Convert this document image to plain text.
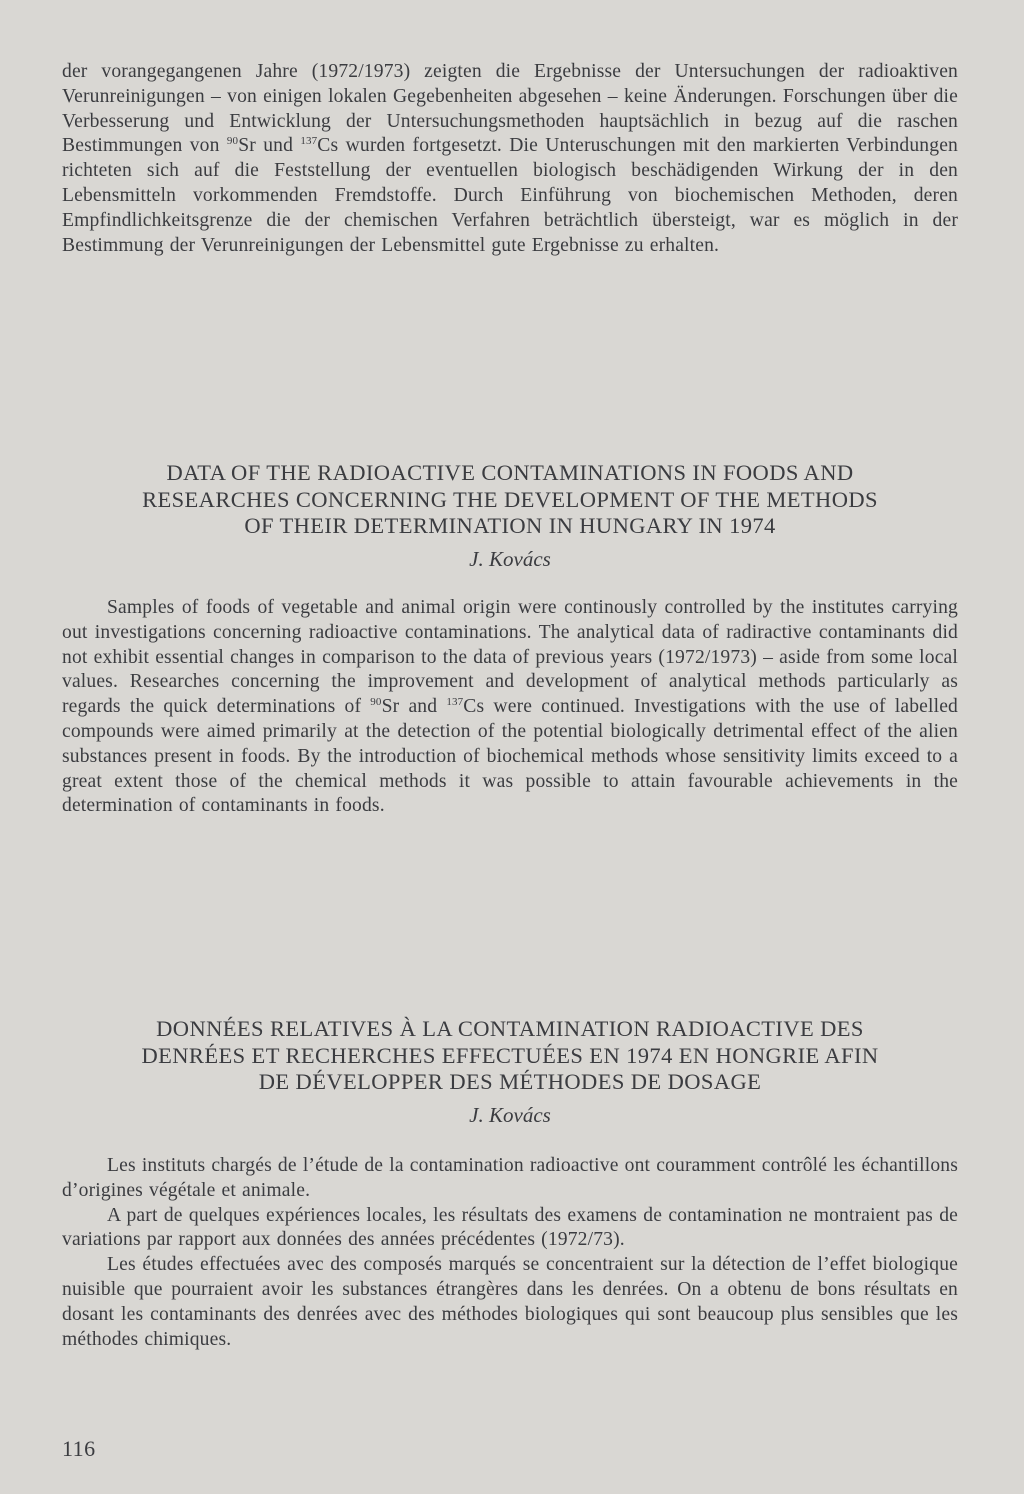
der vorangegangenen Jahre (1972/1973) zeigten die Ergebnisse der Untersuchungen der radioaktiven Verunreinigungen – von einigen lokalen Gegebenheiten abgesehen – keine Änderungen. Forschungen über die Verbesserung und Entwicklung der Untersuchungsmethoden hauptsächlich in bezug auf die raschen Bestimmungen von $^{90}$Sr und $^{137}$Cs wurden fortgesetzt. Die Unteruschungen mit den markierten Verbindungen richteten sich auf die Feststellung der eventuellen biologisch beschädigenden Wirkung der in den Lebensmitteln vorkommenden Fremdstoffe. Durch Einführung von biochemischen Methoden, deren Empfindlichkeitsgrenze die der chemischen Verfahren beträchtlich übersteigt, war es möglich in der Bestimmung der Verunreinigungen der Lebensmittel gute Ergebnisse zu erhalten.

DATA OF THE RADIOACTIVE CONTAMINATIONS IN FOODS AND

RESEARCHES CONCERNING THE DEVELOPMENT OF THE METHODS

OF THEIR DETERMINATION IN HUNGARY IN 1974

J. Kovács

Samples of foods of vegetable and animal origin were continously controlled by the institutes carrying out investigations concerning radioactive contaminations. The analytical data of radiractive contaminants did not exhibit essential changes in comparison to the data of previous years (1972/1973) – aside from some local values. Researches concerning the improvement and development of analytical methods particularly as regards the quick determinations of $^{90}$Sr and $^{137}$Cs were continued. Investigations with the use of labelled compounds were aimed primarily at the detection of the potential biologically detrimental effect of the alien substances present in foods. By the introduction of biochemical methods whose sensitivity limits exceed to a great extent those of the chemical methods it was possible to attain favourable achievements in the determination of contaminants in foods.

DONNÉES RELATIVES À LA CONTAMINATION RADIOACTIVE DES

DENRÉES ET RECHERCHES EFFECTUÉES EN 1974 EN HONGRIE AFIN

DE DÉVELOPPER DES MÉTHODES DE DOSAGE

J. Kovács

Les instituts chargés de l’étude de la contamination radioactive ont couramment contrôlé les échantillons d’origines végétale et animale.

A part de quelques expériences locales, les résultats des examens de contamination ne montraient pas de variations par rapport aux données des années précédentes (1972/73).

Les études effectuées avec des composés marqués se concentraient sur la détection de l’effet biologique nuisible que pourraient avoir les substances étrangères dans les denrées. On a obtenu de bons résultats en dosant les contaminants des denrées avec des méthodes biologiques qui sont beaucoup plus sensibles que les méthodes chimiques.

116
